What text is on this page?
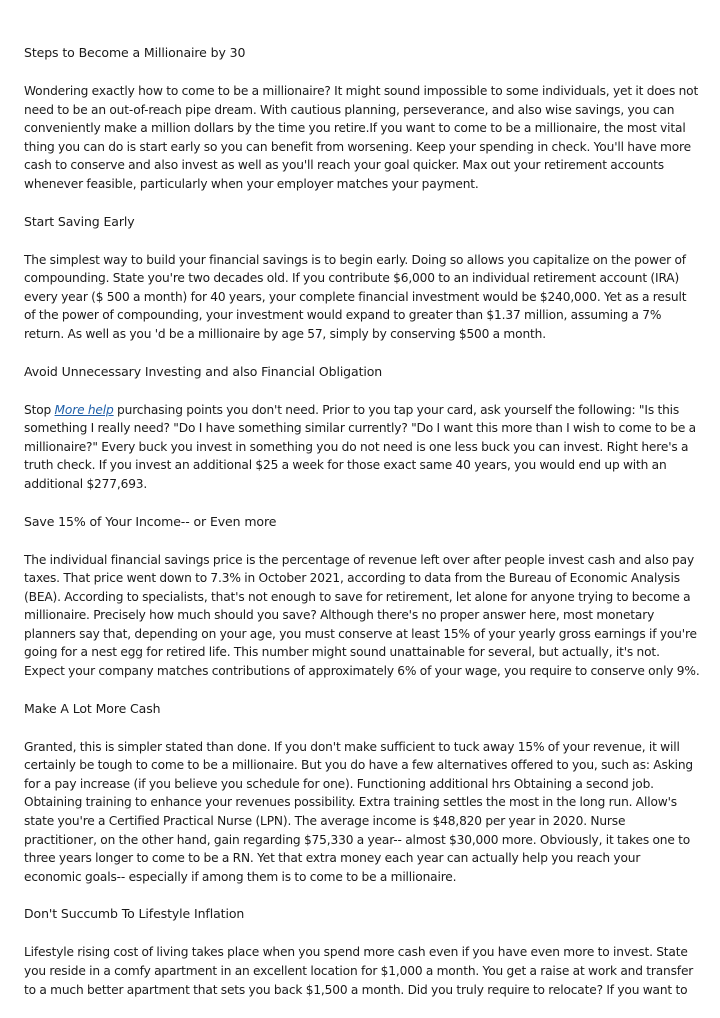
Steps to Become a Millionaire by 30

Wondering exactly how to come to be a millionaire? It might sound impossible to some individuals, yet it does not need to be an out-of-reach pipe dream. With cautious planning, perseverance, and also wise savings, you can conveniently make a million dollars by the time you retire.If you want to come to be a millionaire, the most vital thing you can do is start early so you can benefit from worsening. Keep your spending in check. You'll have more cash to conserve and also invest as well as you'll reach your goal quicker. Max out your retirement accounts whenever feasible, particularly when your employer matches your payment.

Start Saving Early

The simplest way to build your financial savings is to begin early. Doing so allows you capitalize on the power of compounding. State you're two decades old. If you contribute $6,000 to an individual retirement account (IRA) every year ($ 500 a month) for 40 years, your complete financial investment would be $240,000. Yet as a result of the power of compounding, your investment would expand to greater than $1.37 million, assuming a 7% return. As well as you 'd be a millionaire by age 57, simply by conserving $500 a month.

Avoid Unnecessary Investing and also Financial Obligation

Stop More help purchasing points you don't need. Prior to you tap your card, ask yourself the following: "Is this something I really need? "Do I have something similar currently? "Do I want this more than I wish to come to be a millionaire?" Every buck you invest in something you do not need is one less buck you can invest. Right here's a truth check. If you invest an additional $25 a week for those exact same 40 years, you would end up with an additional $277,693.

Save 15% of Your Income-- or Even more

The individual financial savings price is the percentage of revenue left over after people invest cash and also pay taxes. That price went down to 7.3% in October 2021, according to data from the Bureau of Economic Analysis (BEA). According to specialists, that's not enough to save for retirement, let alone for anyone trying to become a millionaire. Precisely how much should you save? Although there's no proper answer here, most monetary planners say that, depending on your age, you must conserve at least 15% of your yearly gross earnings if you're going for a nest egg for retired life. This number might sound unattainable for several, but actually, it's not. Expect your company matches contributions of approximately 6% of your wage, you require to conserve only 9%.

Make A Lot More Cash

Granted, this is simpler stated than done. If you don't make sufficient to tuck away 15% of your revenue, it will certainly be tough to come to be a millionaire. But you do have a few alternatives offered to you, such as: Asking for a pay increase (if you believe you schedule for one). Functioning additional hrs Obtaining a second job. Obtaining training to enhance your revenues possibility. Extra training settles the most in the long run. Allow's state you're a Certified Practical Nurse (LPN). The average income is $48,820 per year in 2020. Nurse practitioner, on the other hand, gain regarding $75,330 a year-- almost $30,000 more. Obviously, it takes one to three years longer to come to be a RN. Yet that extra money each year can actually help you reach your economic goals-- especially if among them is to come to be a millionaire.

Don't Succumb To Lifestyle Inflation

Lifestyle rising cost of living takes place when you spend more cash even if you have even more to invest. State you reside in a comfy apartment in an excellent location for $1,000 a month. You get a raise at work and transfer to a much better apartment that sets you back $1,500 a month. Did you truly require to relocate? If you want to
